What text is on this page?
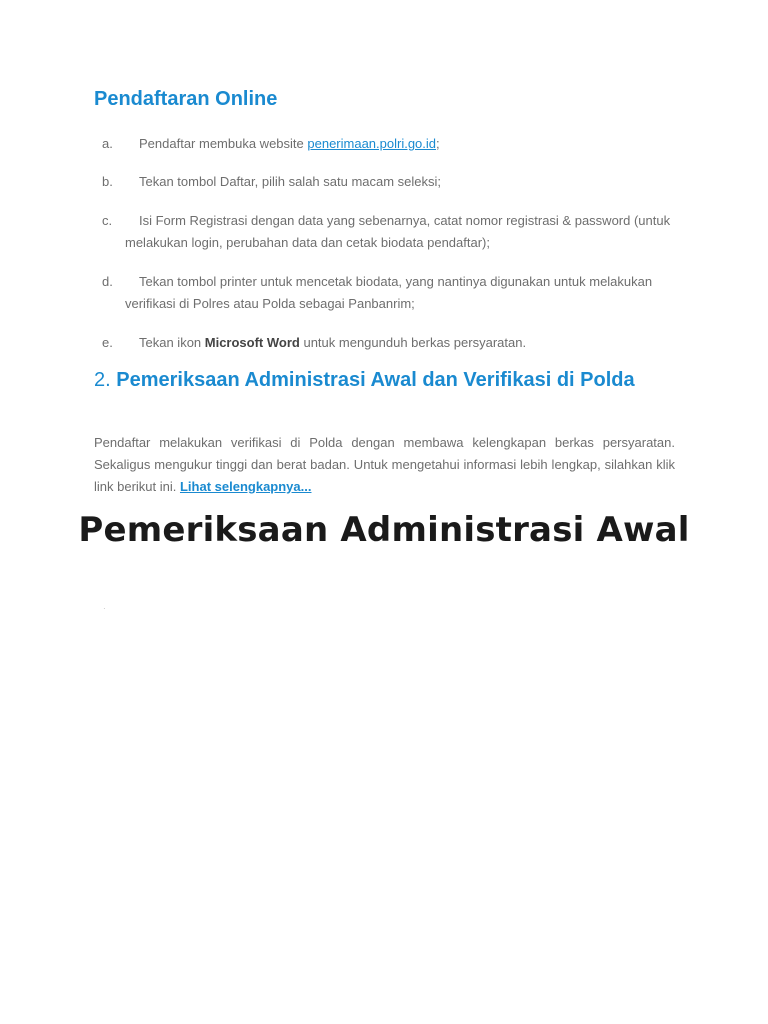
Pendaftaran Online
a.	Pendaftar membuka website penerimaan.polri.go.id;
b.	Tekan tombol Daftar, pilih salah satu macam seleksi;
c.	Isi Form Registrasi dengan data yang sebenarnya, catat nomor registrasi & password (untuk melakukan login, perubahan data dan cetak biodata pendaftar);
d.	Tekan tombol printer untuk mencetak biodata, yang nantinya digunakan untuk melakukan verifikasi di Polres atau Polda sebagai Panbanrim;
e.	Tekan ikon Microsoft Word untuk mengunduh berkas persyaratan.
2. Pemeriksaan Administrasi Awal dan Verifikasi di Polda

Pendaftar melakukan verifikasi di Polda dengan membawa kelengkapan berkas persyaratan. Sekaligus mengukur tinggi dan berat badan. Untuk mengetahui informasi lebih lengkap, silahkan klik link berikut ini. Lihat selengkapnya...

Pemeriksaan Administrasi Awal
·
